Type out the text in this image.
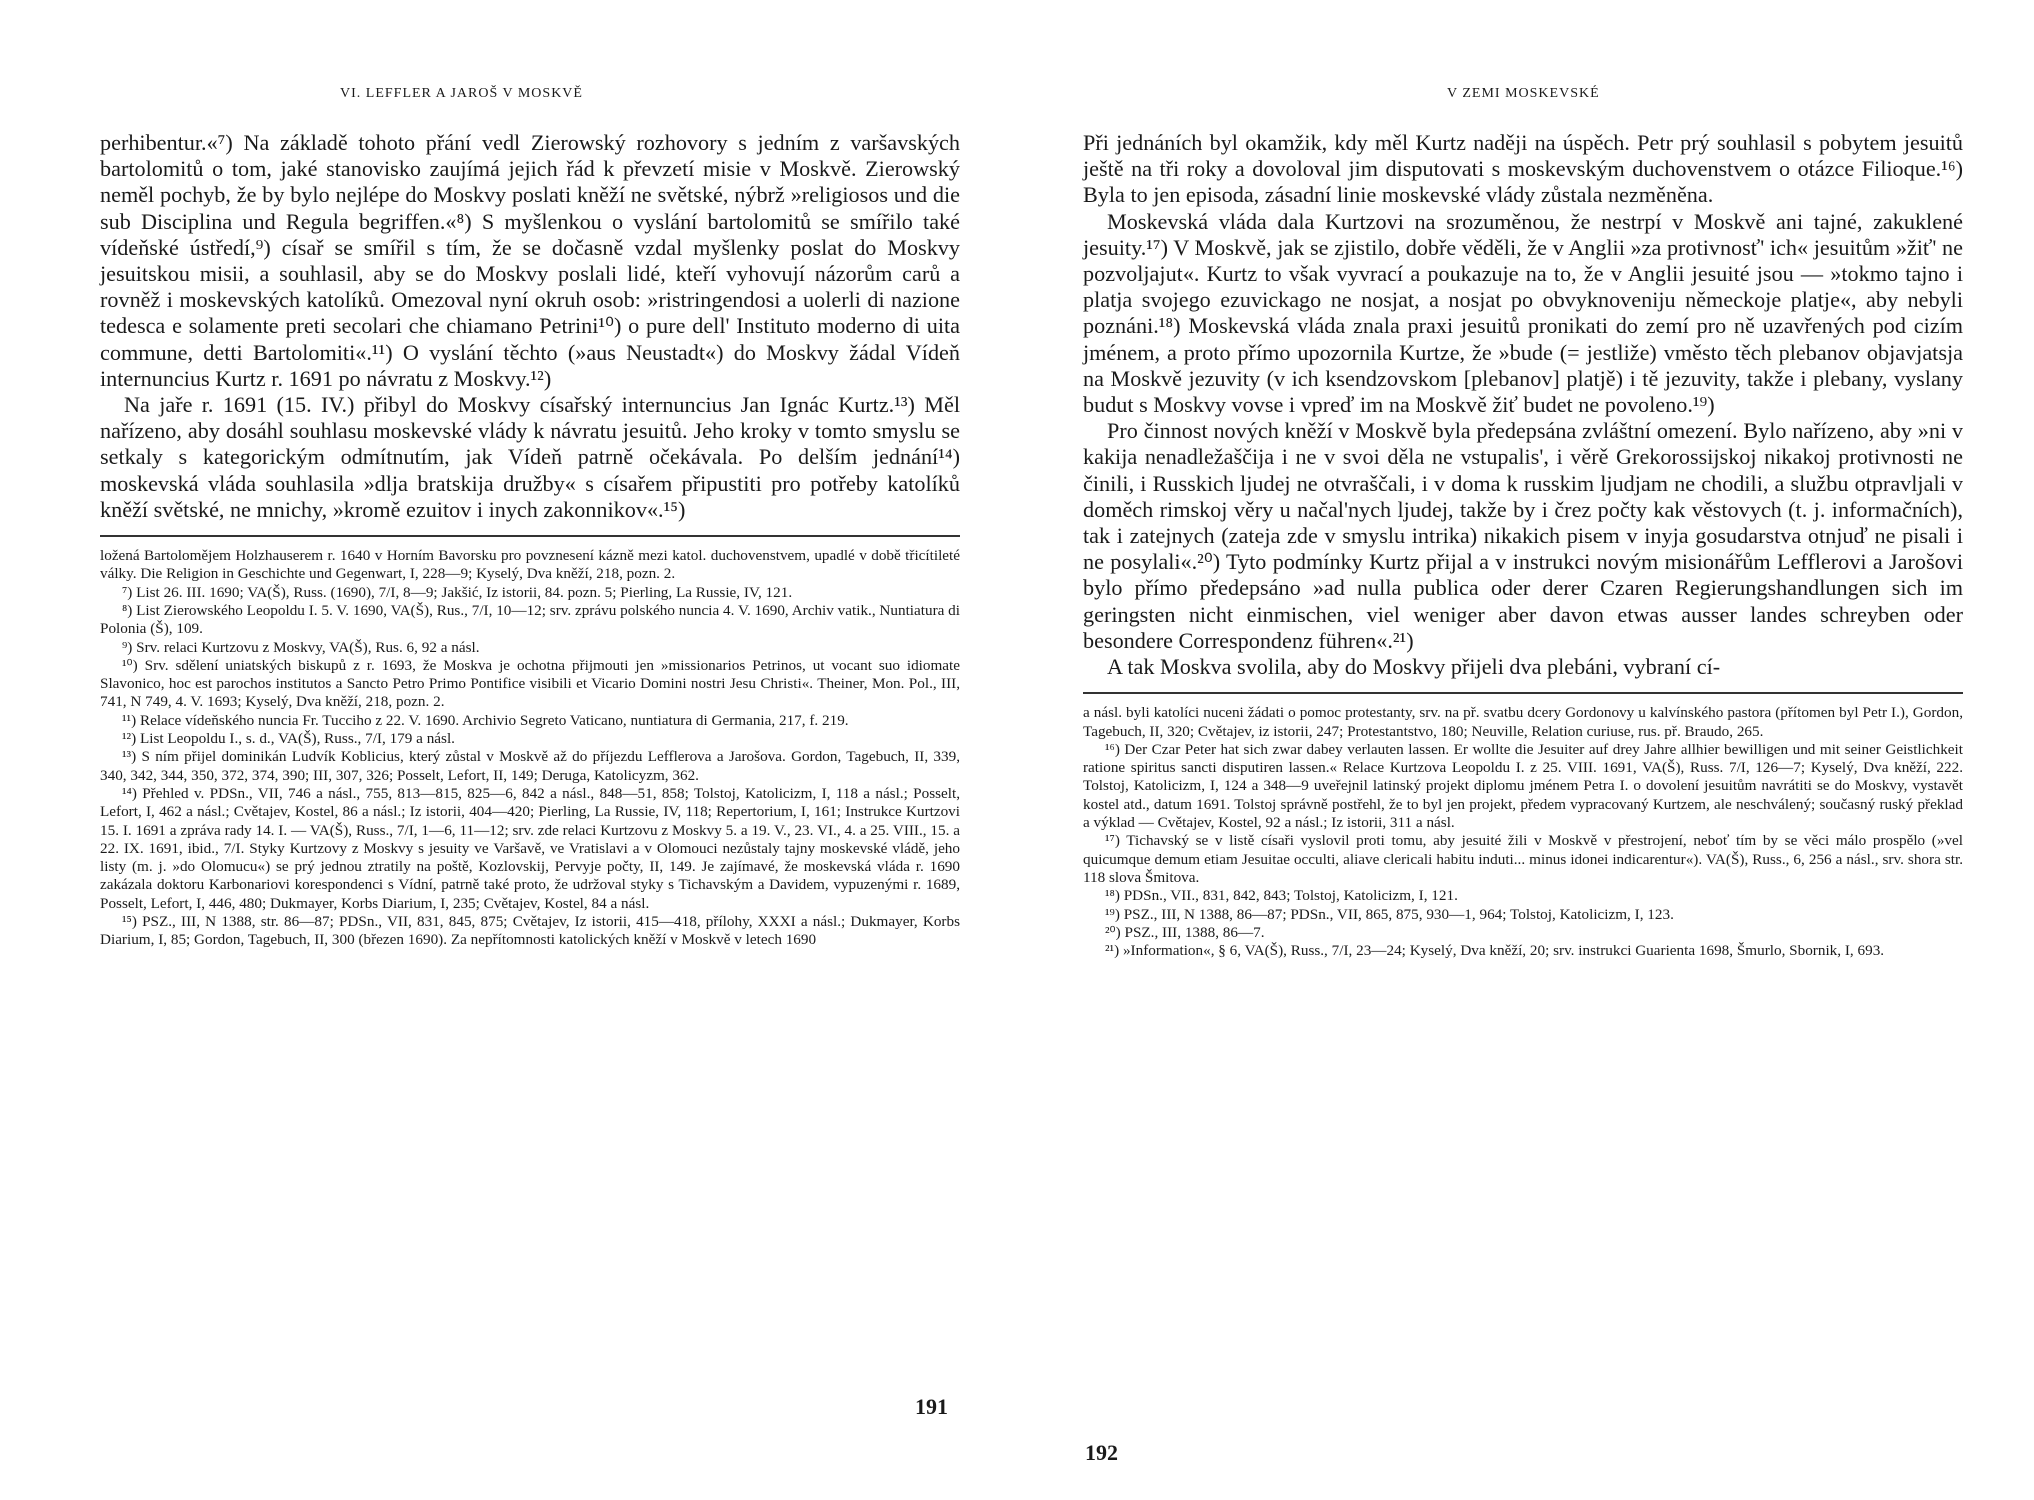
VI. LEFFLER A JAROŠ V MOSKVĚ

perhibentur.«⁷) Na základě tohoto přání vedl Zierowský rozhovory s jedním z varšavských bartolomitů o tom, jaké stanovisko zaujímá jejich řád k převzetí misie v Moskvě. Zierowský neměl pochyb, že by bylo nejlépe do Moskvy poslati kněží ne světské, nýbrž »religiosos und die sub Disciplina und Regula begriffen.«⁸) S myšlenkou o vyslání bartolomitů se smířilo také vídeňské ústředí,⁹) císař se smířil s tím, že se dočasně vzdal myšlenky poslat do Moskvy jesuitskou misii, a souhlasil, aby se do Moskvy poslali lidé, kteří vyhovují názorům carů a rovněž i moskevských katolíků. Omezoval nyní okruh osob: »ristringendosi a uolerli di nazione tedesca e solamente preti secolari che chiamano Petrini¹⁰) o pure dell' Instituto moderno di uita commune, detti Bartolomiti«.¹¹) O vyslání těchto (»aus Neustadt«) do Moskvy žádal Vídeň internuncius Kurtz r. 1691 po návratu z Moskvy.¹²)

Na jaře r. 1691 (15. IV.) přibyl do Moskvy císařský internuncius Jan Ignác Kurtz.¹³) Měl nařízeno, aby dosáhl souhlasu moskevské vlády k návratu jesuitů. Jeho kroky v tomto smyslu se setkaly s kategorickým odmítnutím, jak Vídeň patrně očekávala. Po delším jednání¹⁴) moskevská vláda souhlasila »dlja bratskija družby« s císařem připustiti pro potřeby katolíků kněží světské, ne mnichy, »kromě ezuitov i inych zakonnikov«.¹⁵)

ložená Bartolomějem Holzhauserem r. 1640 v Horním Bavorsku pro povznesení kázně mezi katol. duchovenstvem, upadlé v době třicítileté války. Die Religion in Geschichte und Gegenwart, I, 228—9; Kyselý, Dva kněží, 218, pozn. 2.

⁷) List 26. III. 1690; VA(Š), Russ. (1690), 7/I, 8—9; Jakšić, Iz istorii, 84. pozn. 5; Pierling, La Russie, IV, 121.

⁸) List Zierowského Leopoldu I. 5. V. 1690, VA(Š), Rus., 7/I, 10—12; srv. zprávu polského nuncia 4. V. 1690, Archiv vatik., Nuntiatura di Polonia (Š), 109.

⁹) Srv. relaci Kurtzovu z Moskvy, VA(Š), Rus. 6, 92 a násl.

¹⁰) Srv. sdělení uniatských biskupů z r. 1693, že Moskva je ochotna přijmouti jen »missionarios Petrinos, ut vocant suo idiomate Slavonico, hoc est parochos institutos a Sancto Petro Primo Pontifice visibili et Vicario Domini nostri Jesu Christi«. Theiner, Mon. Pol., III, 741, N 749, 4. V. 1693; Kyselý, Dva kněží, 218, pozn. 2.

¹¹) Relace vídeňského nuncia Fr. Tucciho z 22. V. 1690. Archivio Segreto Vaticano, nuntiatura di Germania, 217, f. 219.

¹²) List Leopoldu I., s. d., VA(Š), Russ., 7/I, 179 a násl.

¹³) S ním přijel dominikán Ludvík Koblicius, který zůstal v Moskvě až do příjezdu Lefflerova a Jarošova. Gordon, Tagebuch, II, 339, 340, 342, 344, 350, 372, 374, 390; III, 307, 326; Posselt, Lefort, II, 149; Deruga, Katolicyzm, 362.

¹⁴) Přehled v. PDSn., VII, 746 a násl., 755, 813—815, 825—6, 842 a násl., 848—51, 858; Tolstoj, Katolicizm, I, 118 a násl.; Posselt, Lefort, I, 462 a násl.; Cvětajev, Kostel, 86 a násl.; Iz istorii, 404—420; Pierling, La Russie, IV, 118; Repertorium, I, 161; Instrukce Kurtzovi 15. I. 1691 a zpráva rady 14. I. — VA(Š), Russ., 7/I, 1—6, 11—12; srv. zde relaci Kurtzovu z Moskvy 5. a 19. V., 23. VI., 4. a 25. VIII., 15. a 22. IX. 1691, ibid., 7/I. Styky Kurtzovy z Moskvy s jesuity ve Varšavě, ve Vratislavi a v Olomouci nezůstaly tajny moskevské vládě, jeho listy (m. j. »do Olomucu«) se prý jednou ztratily na poště, Kozlovskij, Pervyje počty, II, 149. Je zajímavé, že moskevská vláda r. 1690 zakázala doktoru Karbonariovi korespondenci s Vídní, patrně také proto, že udržoval styky s Tichavským a Davidem, vypuzenými r. 1689, Posselt, Lefort, I, 446, 480; Dukmayer, Korbs Diarium, I, 235; Cvětajev, Kostel, 84 a násl.

¹⁵) PSZ., III, N 1388, str. 86—87; PDSn., VII, 831, 845, 875; Cvětajev, Iz istorii, 415—418, přílohy, XXXI a násl.; Dukmayer, Korbs Diarium, I, 85; Gordon, Tagebuch, II, 300 (březen 1690). Za nepřítomnosti katolických kněží v Moskvě v letech 1690

191
V ZEMI MOSKEVSKÉ

Při jednáních byl okamžik, kdy měl Kurtz naději na úspěch. Petr prý souhlasil s pobytem jesuitů ještě na tři roky a dovoloval jim disputovati s moskevským duchovenstvem o otázce Filioque.¹⁶) Byla to jen episoda, zásadní linie moskevské vlády zůstala nezměněna.

Moskevská vláda dala Kurtzovi na srozuměnou, že nestrpí v Moskvě ani tajné, zakuklené jesuity.¹⁷) V Moskvě, jak se zjistilo, dobře věděli, že v Anglii »za protivnosť' ich« jesuitům »žiť' ne pozvoljajut«. Kurtz to však vyvrací a poukazuje na to, že v Anglii jesuité jsou — »tokmo tajno i platja svojego ezuvickago ne nosjat, a nosjat po obvyknoveniju německoje platje«, aby nebyli poznáni.¹⁸) Moskevská vláda znala praxi jesuitů pronikati do zemí pro ně uzavřených pod cizím jménem, a proto přímo upozornila Kurtze, že »bude (= jestliže) vměsto těch plebanov objavjatsja na Moskvě jezuvity (v ich ksendzovskom [plebanov] platjě) i tě jezuvity, takže i plebany, vyslany budut s Moskvy vovse i vpreď im na Moskvě žiť budet ne povoleno.¹⁹)

Pro činnost nových kněží v Moskvě byla předepsána zvláštní omezení. Bylo nařízeno, aby »ni v kakija nenadležaščija i ne v svoi děla ne vstupalis', i věrě Grekorossijskoj nikakoj protivnosti ne činili, i Russkich ljudej ne otvraščali, i v doma k russkim ljudjam ne chodili, a službu otpravljali v doměch rimskoj věry u načal'nych ljudej, takže by i črez počty kak věstovych (t. j. informačních), tak i zatejnych (zateja zde v smyslu intrika) nikakich pisem v inyja gosudarstva otnjuď ne pisali i ne posylali«.²⁰) Tyto podmínky Kurtz přijal a v instrukci novým misionářům Lefflerovi a Jarošovi bylo přímo předepsáno »ad nulla publica oder derer Czaren Regierungshandlungen sich im geringsten nicht einmischen, viel weniger aber davon etwas ausser landes schreyben oder besondere Correspondenz führen«.²¹)

A tak Moskva svolila, aby do Moskvy přijeli dva plebáni, vybraní cí-

a násl. byli katolíci nuceni žádati o pomoc protestanty, srv. na př. svatbu dcery Gordonovy u kalvínského pastora (přítomen byl Petr I.), Gordon, Tagebuch, II, 320; Cvětajev, iz istorii, 247; Protestantstvo, 180; Neuville, Relation curiuse, rus. př. Braudo, 265.

¹⁶) Der Czar Peter hat sich zwar dabey verlauten lassen. Er wollte die Jesuiter auf drey Jahre allhier bewilligen und mit seiner Geistlichkeit ratione spiritus sancti disputiren lassen.« Relace Kurtzova Leopoldu I. z 25. VIII. 1691, VA(Š), Russ. 7/I, 126—7; Kyselý, Dva kněží, 222. Tolstoj, Katolicizm, I, 124 a 348—9 uveřejnil latinský projekt diplomu jménem Petra I. o dovolení jesuitům navrátiti se do Moskvy, vystavět kostel atd., datum 1691. Tolstoj správně postřehl, že to byl jen projekt, předem vypracovaný Kurtzem, ale neschválený; současný ruský překlad a výklad — Cvětajev, Kostel, 92 a násl.; Iz istorii, 311 a násl.

¹⁷) Tichavský se v listě císaři vyslovil proti tomu, aby jesuité žili v Moskvě v přestrojení, neboť tím by se věci málo prospělo (»vel quicumque demum etiam Jesuitae occulti, aliave clericali habitu induti... minus idonei indicarentur«). VA(Š), Russ., 6, 256 a násl., srv. shora str. 118 slova Šmitova.

¹⁸) PDSn., VII., 831, 842, 843; Tolstoj, Katolicizm, I, 121.

¹⁹) PSZ., III, N 1388, 86—87; PDSn., VII, 865, 875, 930—1, 964; Tolstoj, Katolicizm, I, 123.

²⁰) PSZ., III, 1388, 86—7.

²¹) »Information«, § 6, VA(Š), Russ., 7/I, 23—24; Kyselý, Dva kněží, 20; srv. instrukci Guarienta 1698, Šmurlo, Sbornik, I, 693.

192
